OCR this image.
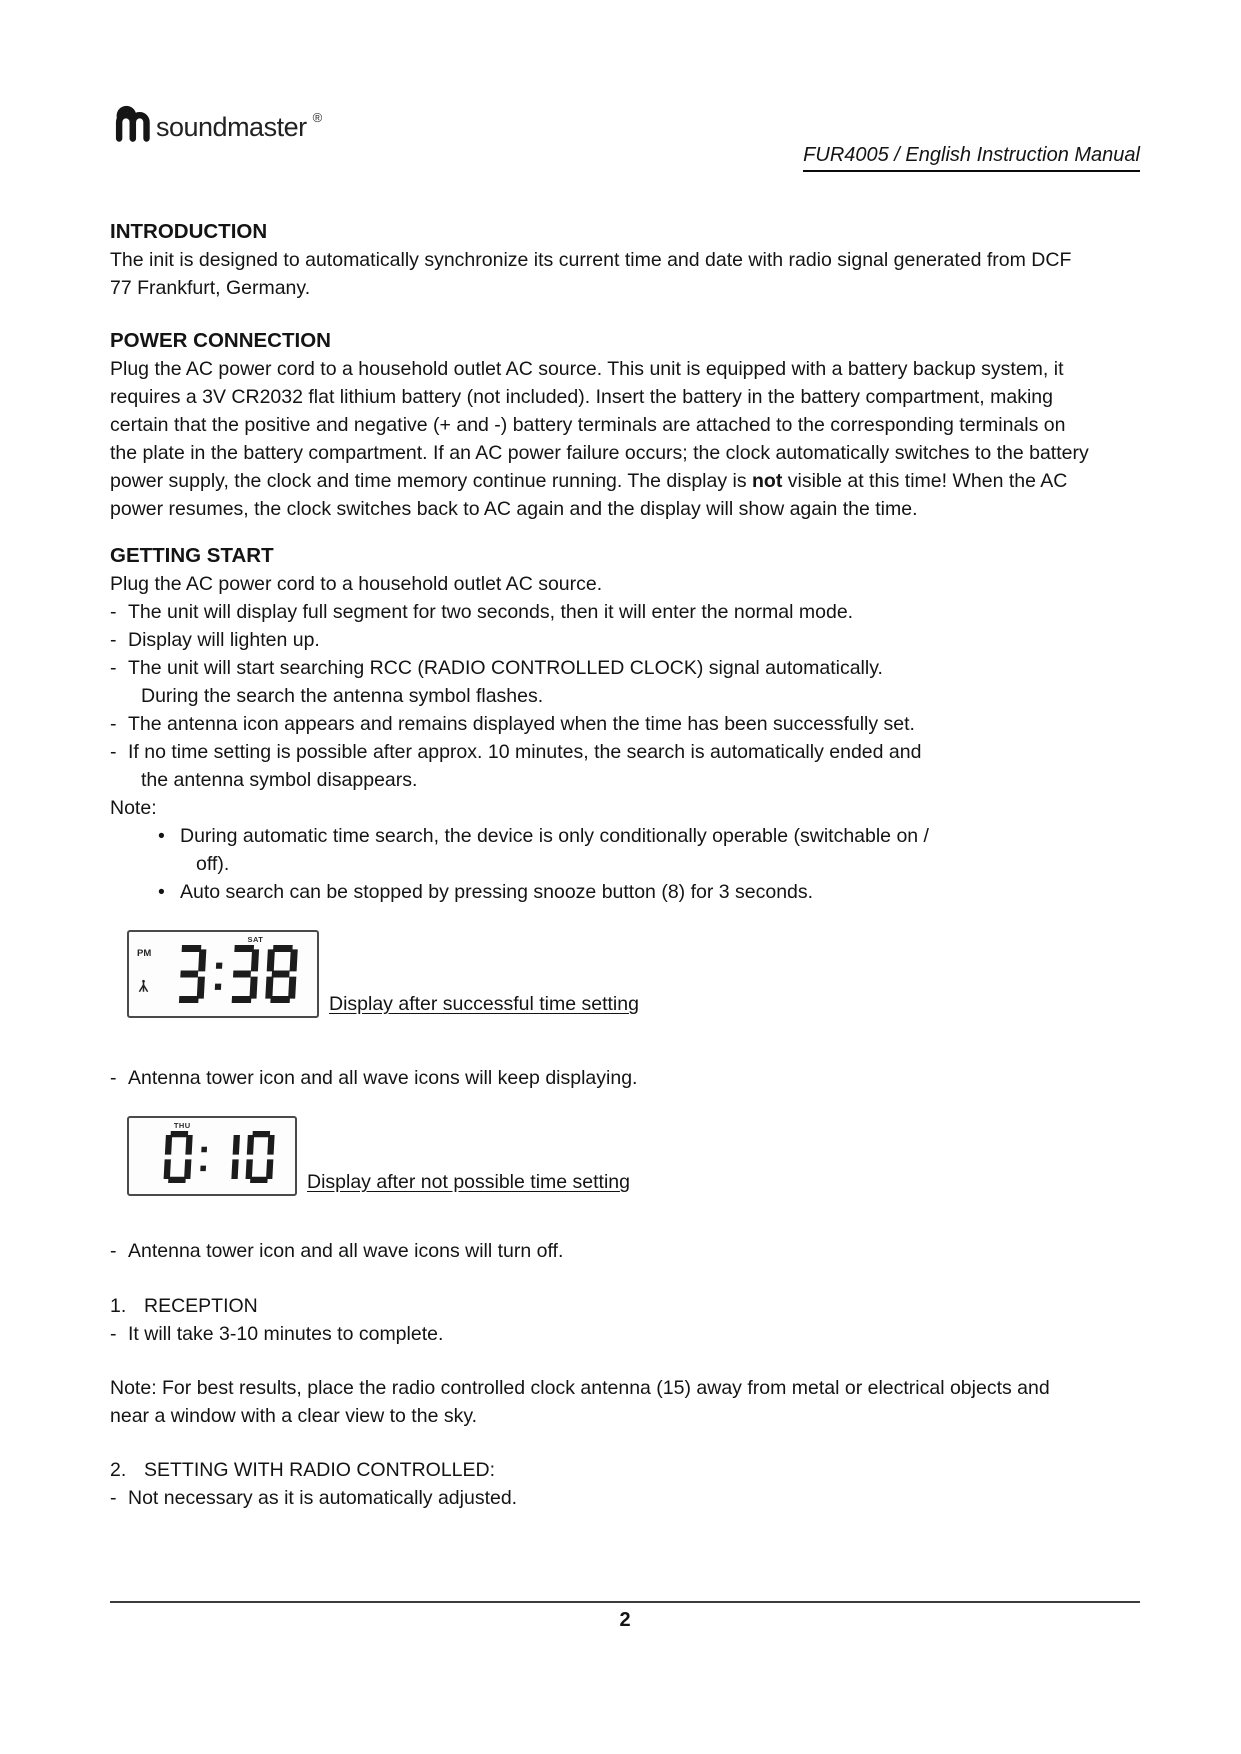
soundmaster ®
FUR4005 / English Instruction Manual
INTRODUCTION
The init is designed to automatically synchronize its current time and date with radio signal generated from DCF 77 Frankfurt, Germany.
POWER CONNECTION
Plug the AC power cord to a household outlet AC source. This unit is equipped with a battery backup system, it requires a 3V CR2032 flat lithium battery (not included). Insert the battery in the battery compartment, making certain that the positive and negative (+ and -) battery terminals are attached to the corresponding terminals on the plate in the battery compartment. If an AC power failure occurs; the clock automatically switches to the battery power supply, the clock and time memory continue running. The display is not visible at this time! When the AC power resumes, the clock switches back to AC again and the display will show again the time.
GETTING START
Plug the AC power cord to a household outlet AC source.
- The unit will display full segment for two seconds, then it will enter the normal mode.
- Display will lighten up.
- The unit will start searching RCC (RADIO CONTROLLED CLOCK) signal automatically.
During the search the antenna symbol flashes.
- The antenna icon appears and remains displayed when the time has been successfully set.
- If no time setting is possible after approx. 10 minutes, the search is automatically ended and
the antenna symbol disappears.
Note:
• During automatic time search, the device is only conditionally operable (switchable on /
off).
• Auto search can be stopped by pressing snooze button (8) for 3 seconds.
SAT
PM
Display after successful time setting
- Antenna tower icon and all wave icons will keep displaying.
THU
Display after not possible time setting
- Antenna tower icon and all wave icons will turn off.
1. RECEPTION
- It will take 3-10 minutes to complete.
Note: For best results, place the radio controlled clock antenna (15) away from metal or electrical objects and near a window with a clear view to the sky.
2. SETTING WITH RADIO CONTROLLED:
- Not necessary as it is automatically adjusted.
2
